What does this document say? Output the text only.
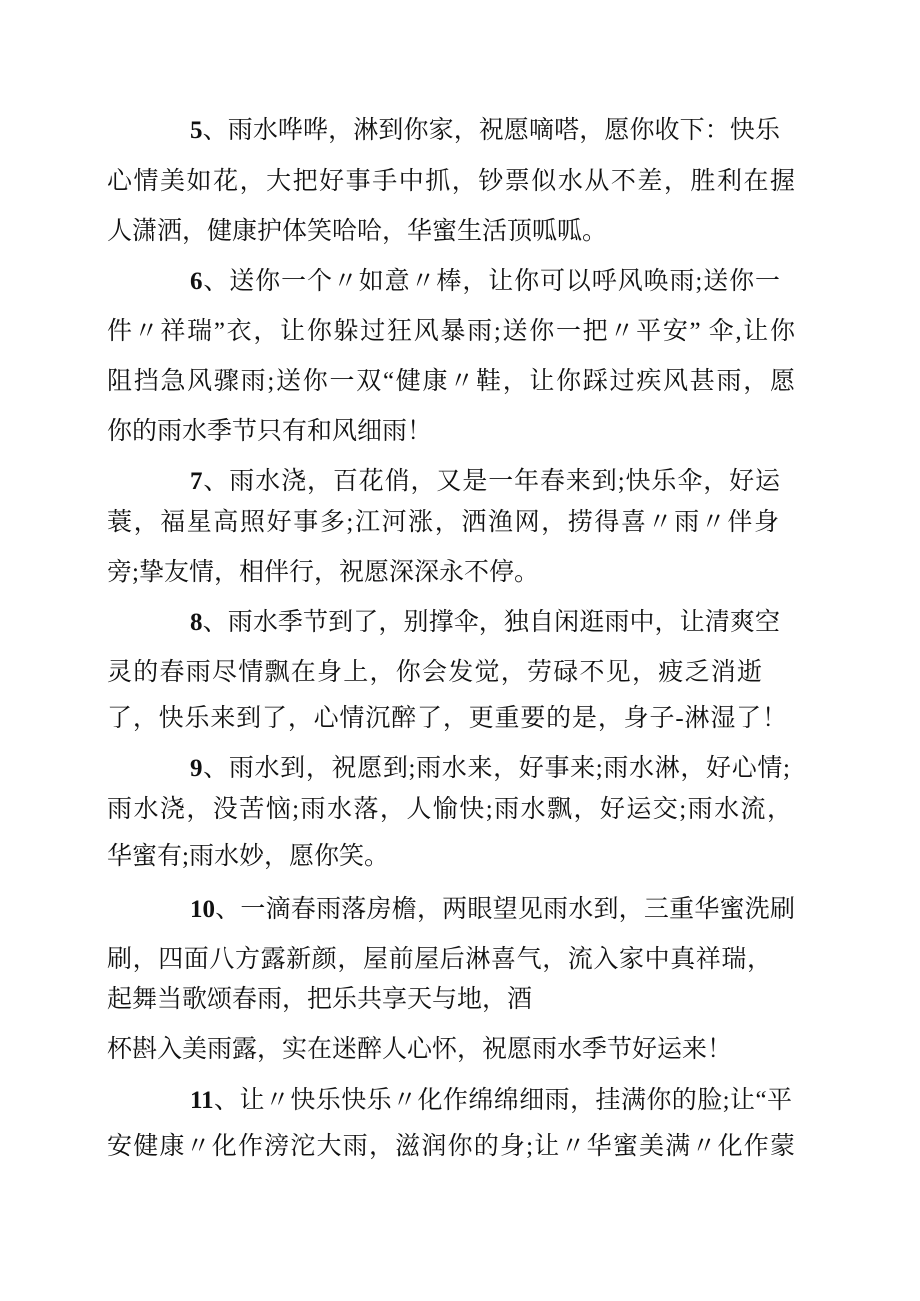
5、雨水哗哗，淋到你家，祝愿嘀嗒，愿你收下：快乐
心情美如花，大把好事手中抓，钞票似水从不差，胜利在握
人潇洒，健康护体笑哈哈，华蜜生活顶呱呱。
6、送你一个〃如意〃棒，让你可以呼风唤雨;送你一
件〃祥瑞”衣，让你躲过狂风暴雨;送你一把〃平安” 伞,让你
阻挡急风骤雨;送你一双“健康〃鞋，让你踩过疾风甚雨，愿
你的雨水季节只有和风细雨！
7、雨水浇，百花俏，又是一年春来到;快乐伞，好运
蓑，福星高照好事多;江河涨，洒渔网，捞得喜〃雨〃伴身
旁;挚友情，相伴行，祝愿深深永不停。
8、雨水季节到了，别撑伞，独自闲逛雨中，让清爽空
灵的春雨尽情飘在身上，你会发觉，劳碌不见，疲乏消逝
了，快乐来到了，心情沉醉了，更重要的是，身子-淋湿了！
9、雨水到，祝愿到;雨水来，好事来;雨水淋，好心情;
雨水浇，没苦恼;雨水落，人愉快;雨水飘，好运交;雨水流，
华蜜有;雨水妙，愿你笑。
10、一滴春雨落房檐，两眼望见雨水到，三重华蜜洗刷
刷，四面八方露新颜，屋前屋后淋喜气，流入家中真祥瑞，
起舞当歌颂春雨，把乐共享天与地，酒
杯斟入美雨露，实在迷醉人心怀，祝愿雨水季节好运来！
11、让〃快乐快乐〃化作绵绵细雨，挂满你的脸;让“平
安健康〃化作滂沱大雨，滋润你的身;让〃华蜜美满〃化作蒙
